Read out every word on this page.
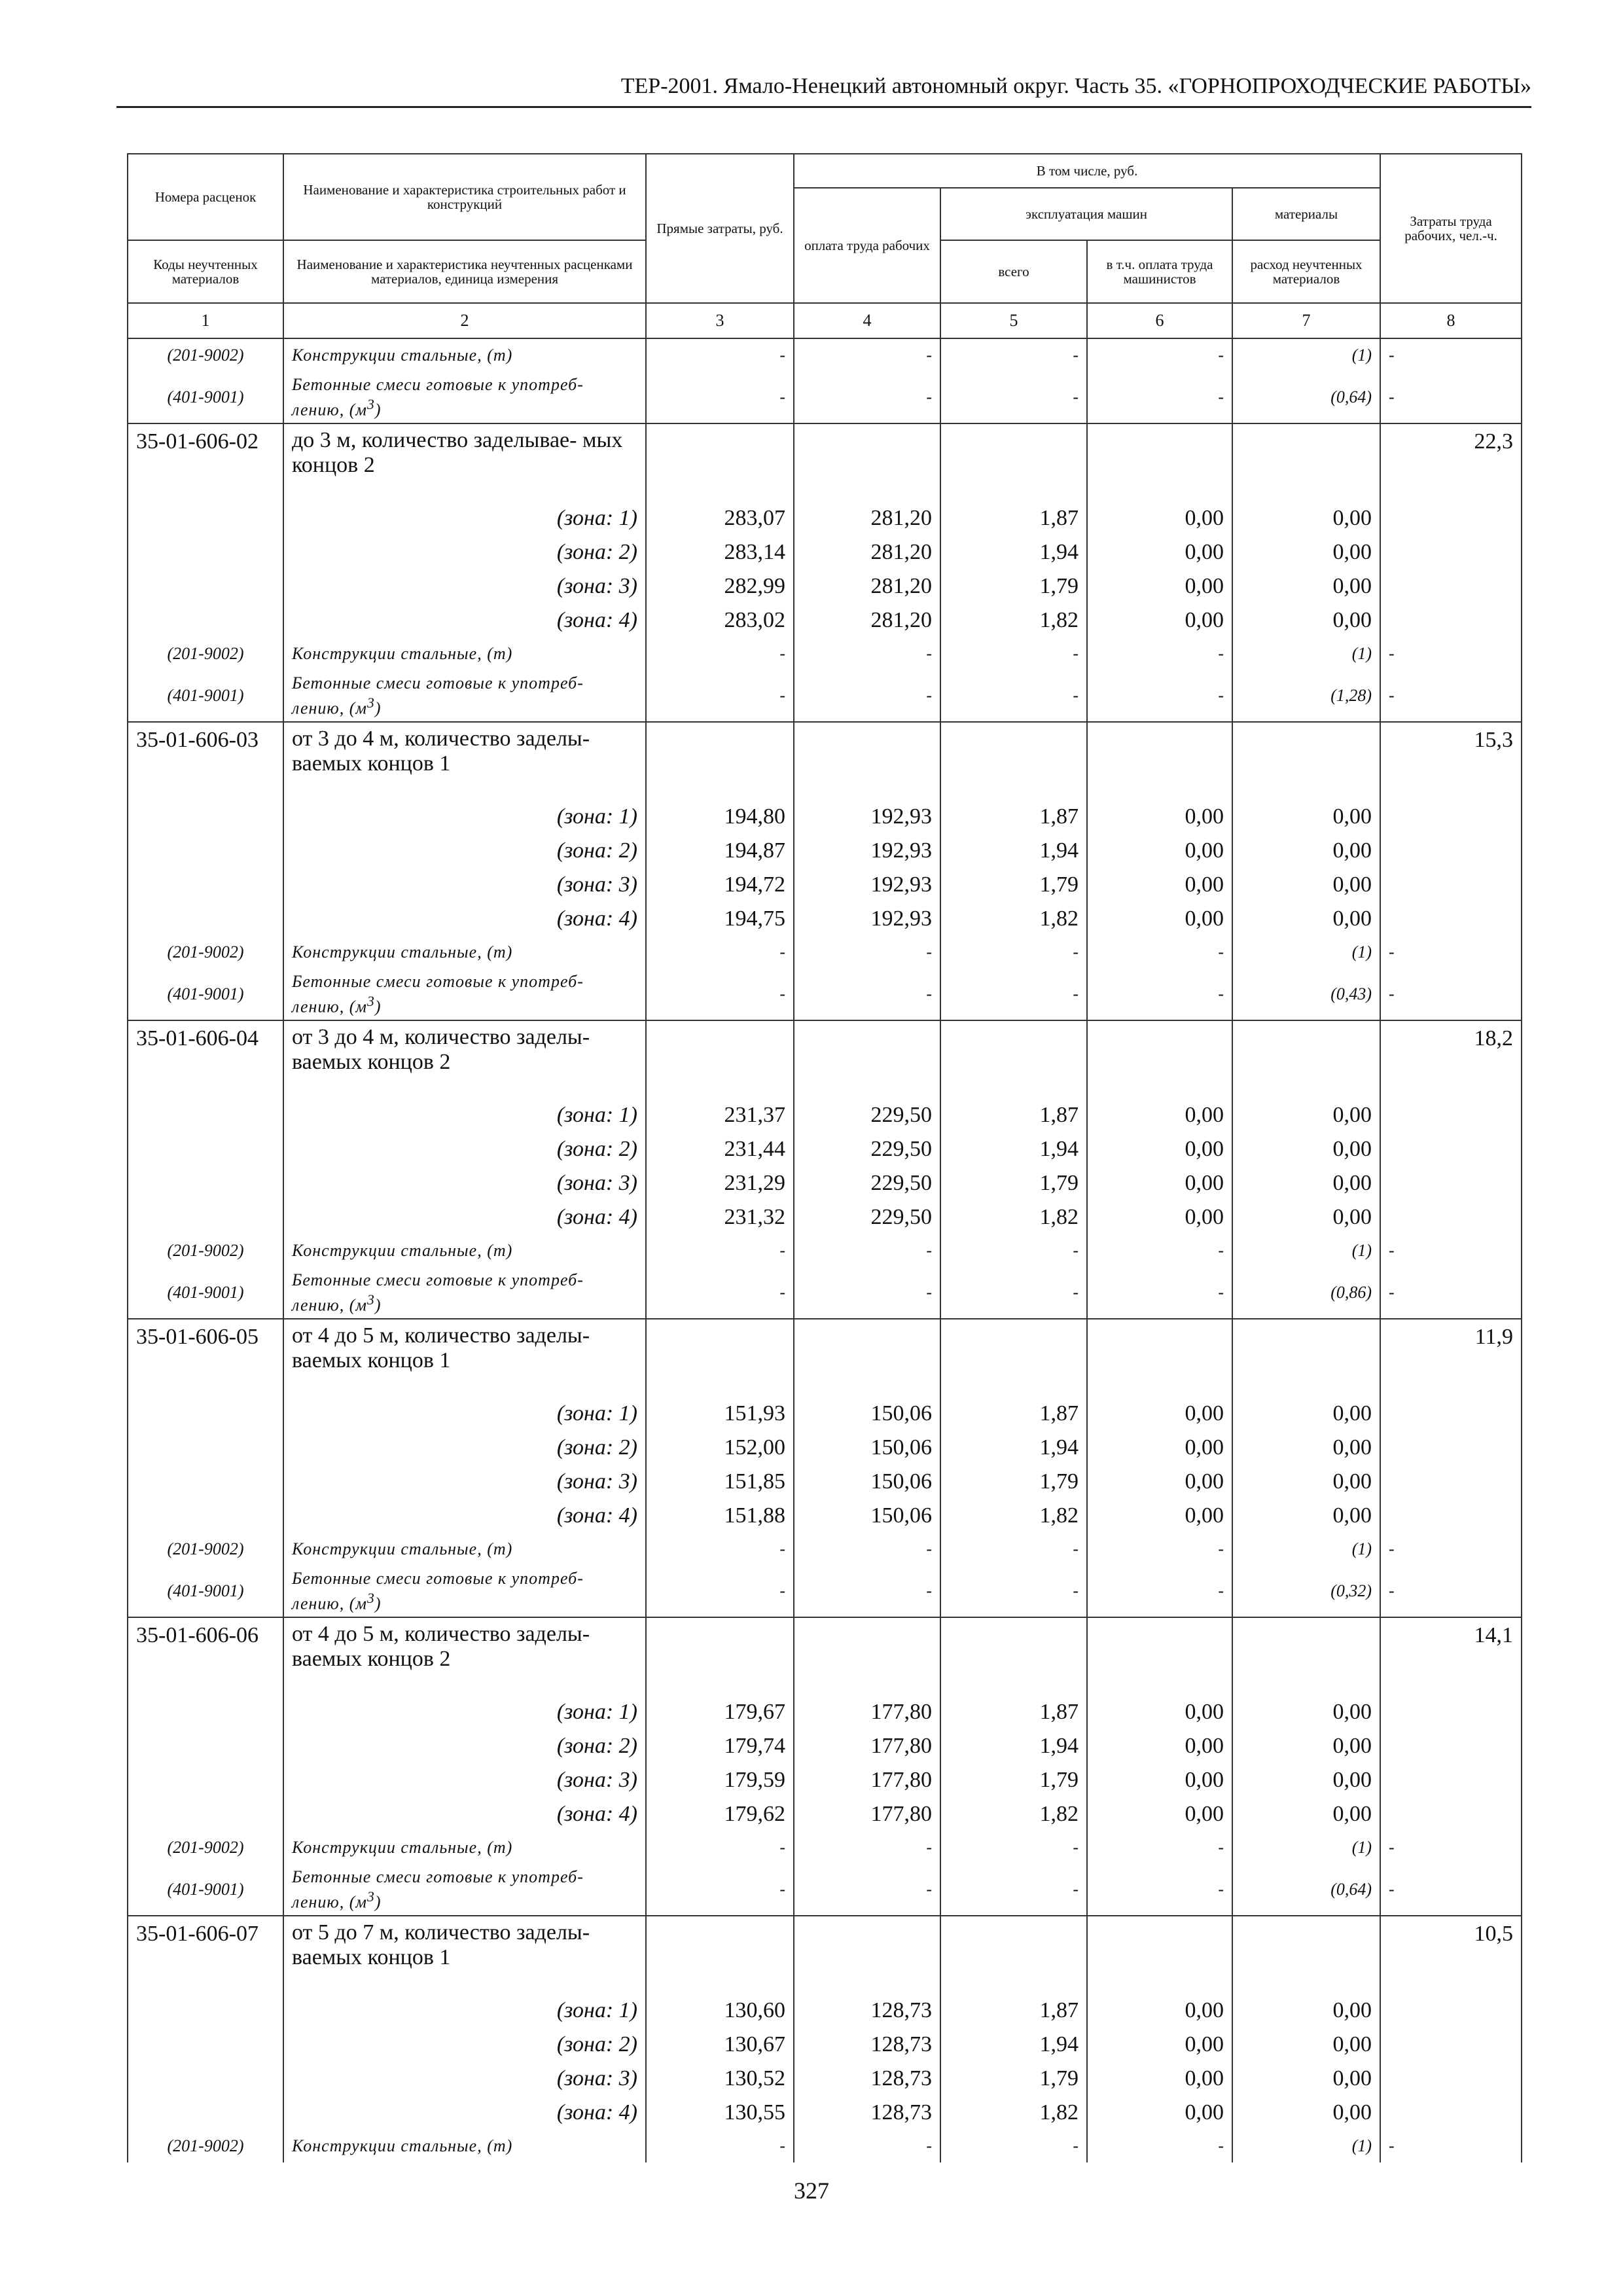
ТЕР-2001. Ямало-Ненецкий автономный округ. Часть 35. «ГОРНОПРОХОДЧЕСКИЕ РАБОТЫ»
Номера расценок	Наименование и характеристика строительных работ и конструкций	Прямые затраты, руб.	В том числе, руб.				Затраты труда рабочих, чел.-ч.
			оплата труда рабочих	эксплуатация машин		материалы	
Коды неучтенных материалов	Наименование и характеристика неучтенных расценками материалов, единица измерения			всего	в т.ч. оплата труда машинистов	расход неучтенных материалов	
1	2	3	4	5	6	7	8
(201-9002)	Конструкции стальные, (т)	-	-	-	-	(1)	-
(401-9001)	Бетонные смеси готовые к употреб- лению, $(м^3)$	-	-	-	-	(0,64)	-
35-01-606-02	до 3 м, количество заделывае- мых концов 2						22,3
	(зона: 1)	283,07	281,20	1,87	0,00	0,00	
	(зона: 2)	283,14	281,20	1,94	0,00	0,00	
	(зона: 3)	282,99	281,20	1,79	0,00	0,00	
	(зона: 4)	283,02	281,20	1,82	0,00	0,00	
(201-9002)	Конструкции стальные, (т)	-	-	-	-	(1)	-
(401-9001)	Бетонные смеси готовые к употреб- лению, $(м^3)$	-	-	-	-	(1,28)	-
35-01-606-03	от 3 до 4 м, количество заделы- ваемых концов 1						15,3
	(зона: 1)	194,80	192,93	1,87	0,00	0,00	
	(зона: 2)	194,87	192,93	1,94	0,00	0,00	
	(зона: 3)	194,72	192,93	1,79	0,00	0,00	
	(зона: 4)	194,75	192,93	1,82	0,00	0,00	
(201-9002)	Конструкции стальные, (т)	-	-	-	-	(1)	-
(401-9001)	Бетонные смеси готовые к употреб- лению, $(м^3)$	-	-	-	-	(0,43)	-
35-01-606-04	от 3 до 4 м, количество заделы- ваемых концов 2						18,2
	(зона: 1)	231,37	229,50	1,87	0,00	0,00	
	(зона: 2)	231,44	229,50	1,94	0,00	0,00	
	(зона: 3)	231,29	229,50	1,79	0,00	0,00	
	(зона: 4)	231,32	229,50	1,82	0,00	0,00	
(201-9002)	Конструкции стальные, (т)	-	-	-	-	(1)	-
(401-9001)	Бетонные смеси готовые к употреб- лению, $(м^3)$	-	-	-	-	(0,86)	-
35-01-606-05	от 4 до 5 м, количество заделы- ваемых концов 1						11,9
	(зона: 1)	151,93	150,06	1,87	0,00	0,00	
	(зона: 2)	152,00	150,06	1,94	0,00	0,00	
	(зона: 3)	151,85	150,06	1,79	0,00	0,00	
	(зона: 4)	151,88	150,06	1,82	0,00	0,00	
(201-9002)	Конструкции стальные, (т)	-	-	-	-	(1)	-
(401-9001)	Бетонные смеси готовые к употреб- лению, $(м^3)$	-	-	-	-	(0,32)	-
35-01-606-06	от 4 до 5 м, количество заделы- ваемых концов 2						14,1
	(зона: 1)	179,67	177,80	1,87	0,00	0,00	
	(зона: 2)	179,74	177,80	1,94	0,00	0,00	
	(зона: 3)	179,59	177,80	1,79	0,00	0,00	
	(зона: 4)	179,62	177,80	1,82	0,00	0,00	
(201-9002)	Конструкции стальные, (т)	-	-	-	-	(1)	-
(401-9001)	Бетонные смеси готовые к употреб- лению, $(м^3)$	-	-	-	-	(0,64)	-
35-01-606-07	от 5 до 7 м, количество заделы- ваемых концов 1						10,5
	(зона: 1)	130,60	128,73	1,87	0,00	0,00	
	(зона: 2)	130,67	128,73	1,94	0,00	0,00	
	(зона: 3)	130,52	128,73	1,79	0,00	0,00	
	(зона: 4)	130,55	128,73	1,82	0,00	0,00	
(201-9002)	Конструкции стальные, (т)	-	-	-	-	(1)	-
327
